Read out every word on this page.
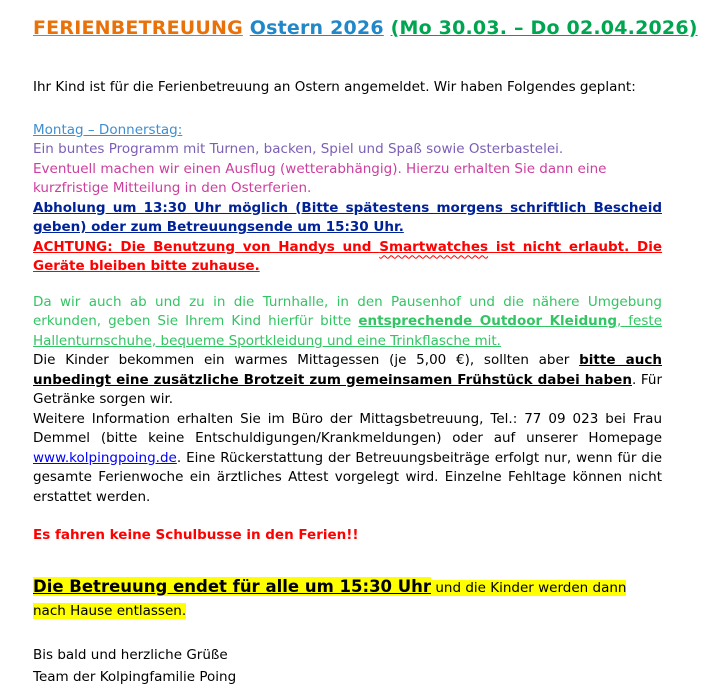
FERIENBETREUUNG Ostern 2026 (Mo 30.03. – Do 02.04.2026)

Ihr Kind ist für die Ferienbetreuung an Ostern angemeldet. Wir haben Folgendes geplant:

Montag – Donnerstag:

Ein buntes Programm mit Turnen, backen, Spiel und Spaß sowie Osterbastelei.

Eventuell machen wir einen Ausflug (wetterabhängig). Hierzu erhalten Sie dann eine kurzfristige Mitteilung in den Osterferien.

Abholung um 13:30 Uhr möglich (Bitte spätestens morgens schriftlich Bescheid geben) oder zum Betreuungsende um 15:30 Uhr.

ACHTUNG: Die Benutzung von Handys und Smartwatches ist nicht erlaubt. Die Geräte bleiben bitte zuhause.

Da wir auch ab und zu in die Turnhalle, in den Pausenhof und die nähere Umgebung erkunden, geben Sie Ihrem Kind hierfür bitte entsprechende Outdoor Kleidung, feste Hallenturnschuhe, bequeme Sportkleidung und eine Trinkflasche mit.

Die Kinder bekommen ein warmes Mittagessen (je 5,00 €), sollten aber bitte auch unbedingt eine zusätzliche Brotzeit zum gemeinsamen Frühstück dabei haben. Für Getränke sorgen wir.

Weitere Information erhalten Sie im Büro der Mittagsbetreuung, Tel.: 77 09 023 bei Frau Demmel (bitte keine Entschuldigungen/Krankmeldungen) oder auf unserer Homepage www.kolpingpoing.de. Eine Rückerstattung der Betreuungsbeiträge erfolgt nur, wenn für die gesamte Ferienwoche ein ärztliches Attest vorgelegt wird. Einzelne Fehltage können nicht erstattet werden.

Es fahren keine Schulbusse in den Ferien!!

Die Betreuung endet für alle um 15:30 Uhr und die Kinder werden dann nach Hause entlassen.

Bis bald und herzliche Grüße

Team der Kolpingfamilie Poing
